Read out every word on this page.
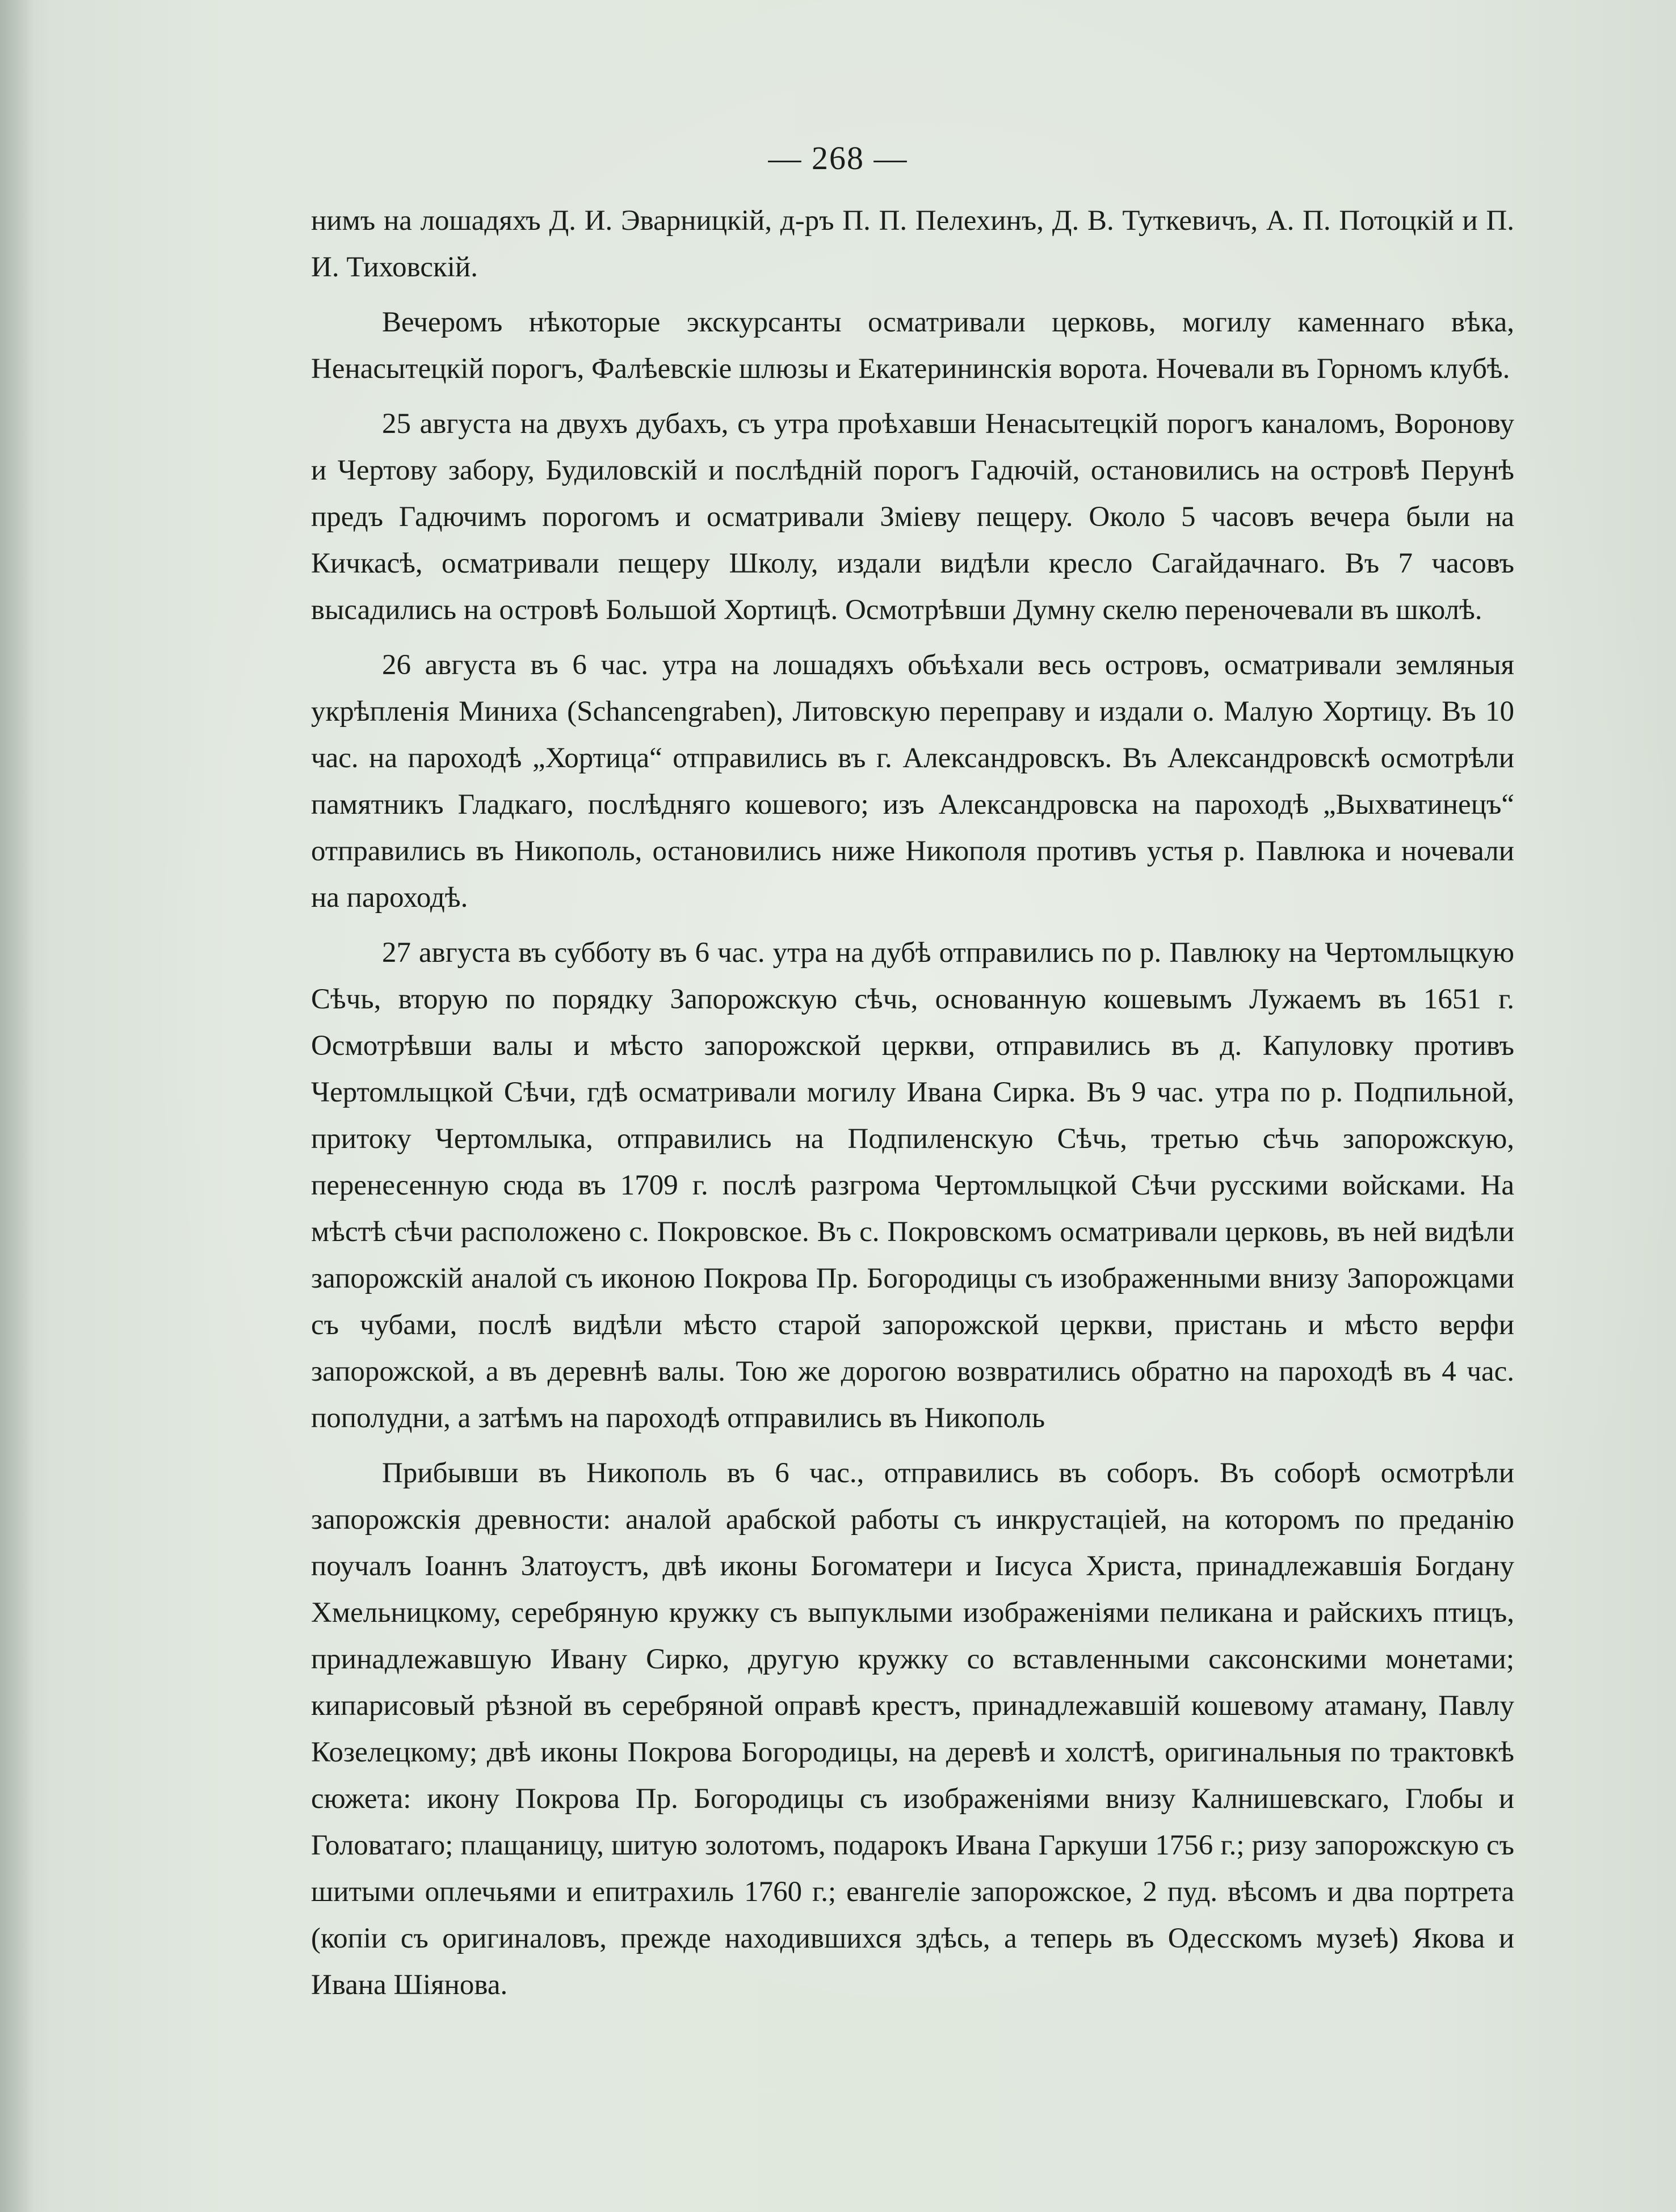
— 268 —

нимъ на лошадяхъ Д. И. Эварницкій, д-ръ П. П. Пелехинъ, Д. В. Туткевичъ, А. П. Потоцкій и П. И. Тиховскій.

Вечеромъ нѣкоторые экскурсанты осматривали церковь, могилу каменнаго вѣка, Ненасытецкій порогъ, Фалѣевскіе шлюзы и Екатерининскія ворота. Ночевали въ Горномъ клубѣ.

25 августа на двухъ дубахъ, съ утра проѣхавши Ненасытецкій порогъ каналомъ, Воронову и Чертову забору, Будиловскій и послѣдній порогъ Гадючій, остановились на островѣ Перунѣ предъ Гадючимъ порогомъ и осматривали Зміеву пещеру. Около 5 часовъ вечера были на Кичкасѣ, осматривали пещеру Школу, издали видѣли кресло Сагайдачнаго. Въ 7 часовъ высадились на островѣ Большой Хортицѣ. Осмотрѣвши Думну скелю переночевали въ школѣ.

26 августа въ 6 час. утра на лошадяхъ объѣхали весь островъ, осматривали земляныя укрѣпленія Миниха (Schancengraben), Литовскую переправу и издали о. Малую Хортицу. Въ 10 час. на пароходѣ „Хортица“ отправились въ г. Александровскъ. Въ Александровскѣ осмотрѣли памятникъ Гладкаго, послѣдняго кошевого; изъ Александровска на пароходѣ „Выхватинецъ“ отправились въ Никополь, остановились ниже Никополя противъ устья р. Павлюка и ночевали на пароходѣ.

27 августа въ субботу въ 6 час. утра на дубѣ отправились по р. Павлюку на Чертомлыцкую Сѣчь, вторую по порядку Запорожскую сѣчь, основанную кошевымъ Лужаемъ въ 1651 г. Осмотрѣвши валы и мѣсто запорожской церкви, отправились въ д. Капуловку противъ Чертомлыцкой Сѣчи, гдѣ осматривали могилу Ивана Сирка. Въ 9 час. утра по р. Подпильной, притоку Чертомлыка, отправились на Подпиленскую Сѣчь, третью сѣчь запорожскую, перенесенную сюда въ 1709 г. послѣ разгрома Чертомлыцкой Сѣчи русскими войсками. На мѣстѣ сѣчи расположено с. Покровское. Въ с. Покровскомъ осматривали церковь, въ ней видѣли запорожскій аналой съ иконою Покрова Пр. Богородицы съ изображенными внизу Запорожцами съ чубами, послѣ видѣли мѣсто старой запорожской церкви, пристань и мѣсто верфи запорожской, а въ деревнѣ валы. Тою же дорогою возвратились обратно на пароходѣ въ 4 час. пополудни, а затѣмъ на пароходѣ отправились въ Никополь

Прибывши въ Никополь въ 6 час., отправились въ соборъ. Въ соборѣ осмотрѣли запорожскія древности: аналой арабской работы съ инкрустаціей, на которомъ по преданію поучалъ Іоаннъ Златоустъ, двѣ иконы Богоматери и Іисуса Христа, принадлежавшія Богдану Хмельницкому, серебряную кружку съ выпуклыми изображеніями пеликана и райскихъ птицъ, принадлежавшую Ивану Сирко, другую кружку со вставленными саксонскими монетами; кипарисовый рѣзной въ серебряной оправѣ крестъ, принадлежавшій кошевому атаману, Павлу Козелецкому; двѣ иконы Покрова Богородицы, на деревѣ и холстѣ, оригинальныя по трактовкѣ сюжета: икону Покрова Пр. Богородицы съ изображеніями внизу Калнишевскаго, Глобы и Головатаго; плащаницу, шитую золотомъ, подарокъ Ивана Гаркуши 1756 г.; ризу запорожскую съ шитыми оплечьями и епитрахиль 1760 г.; евангеліе запорожское, 2 пуд. вѣсомъ и два портрета (копіи съ оригиналовъ, прежде находившихся здѣсь, а теперь въ Одесскомъ музеѣ) Якова и Ивана Шіянова.
